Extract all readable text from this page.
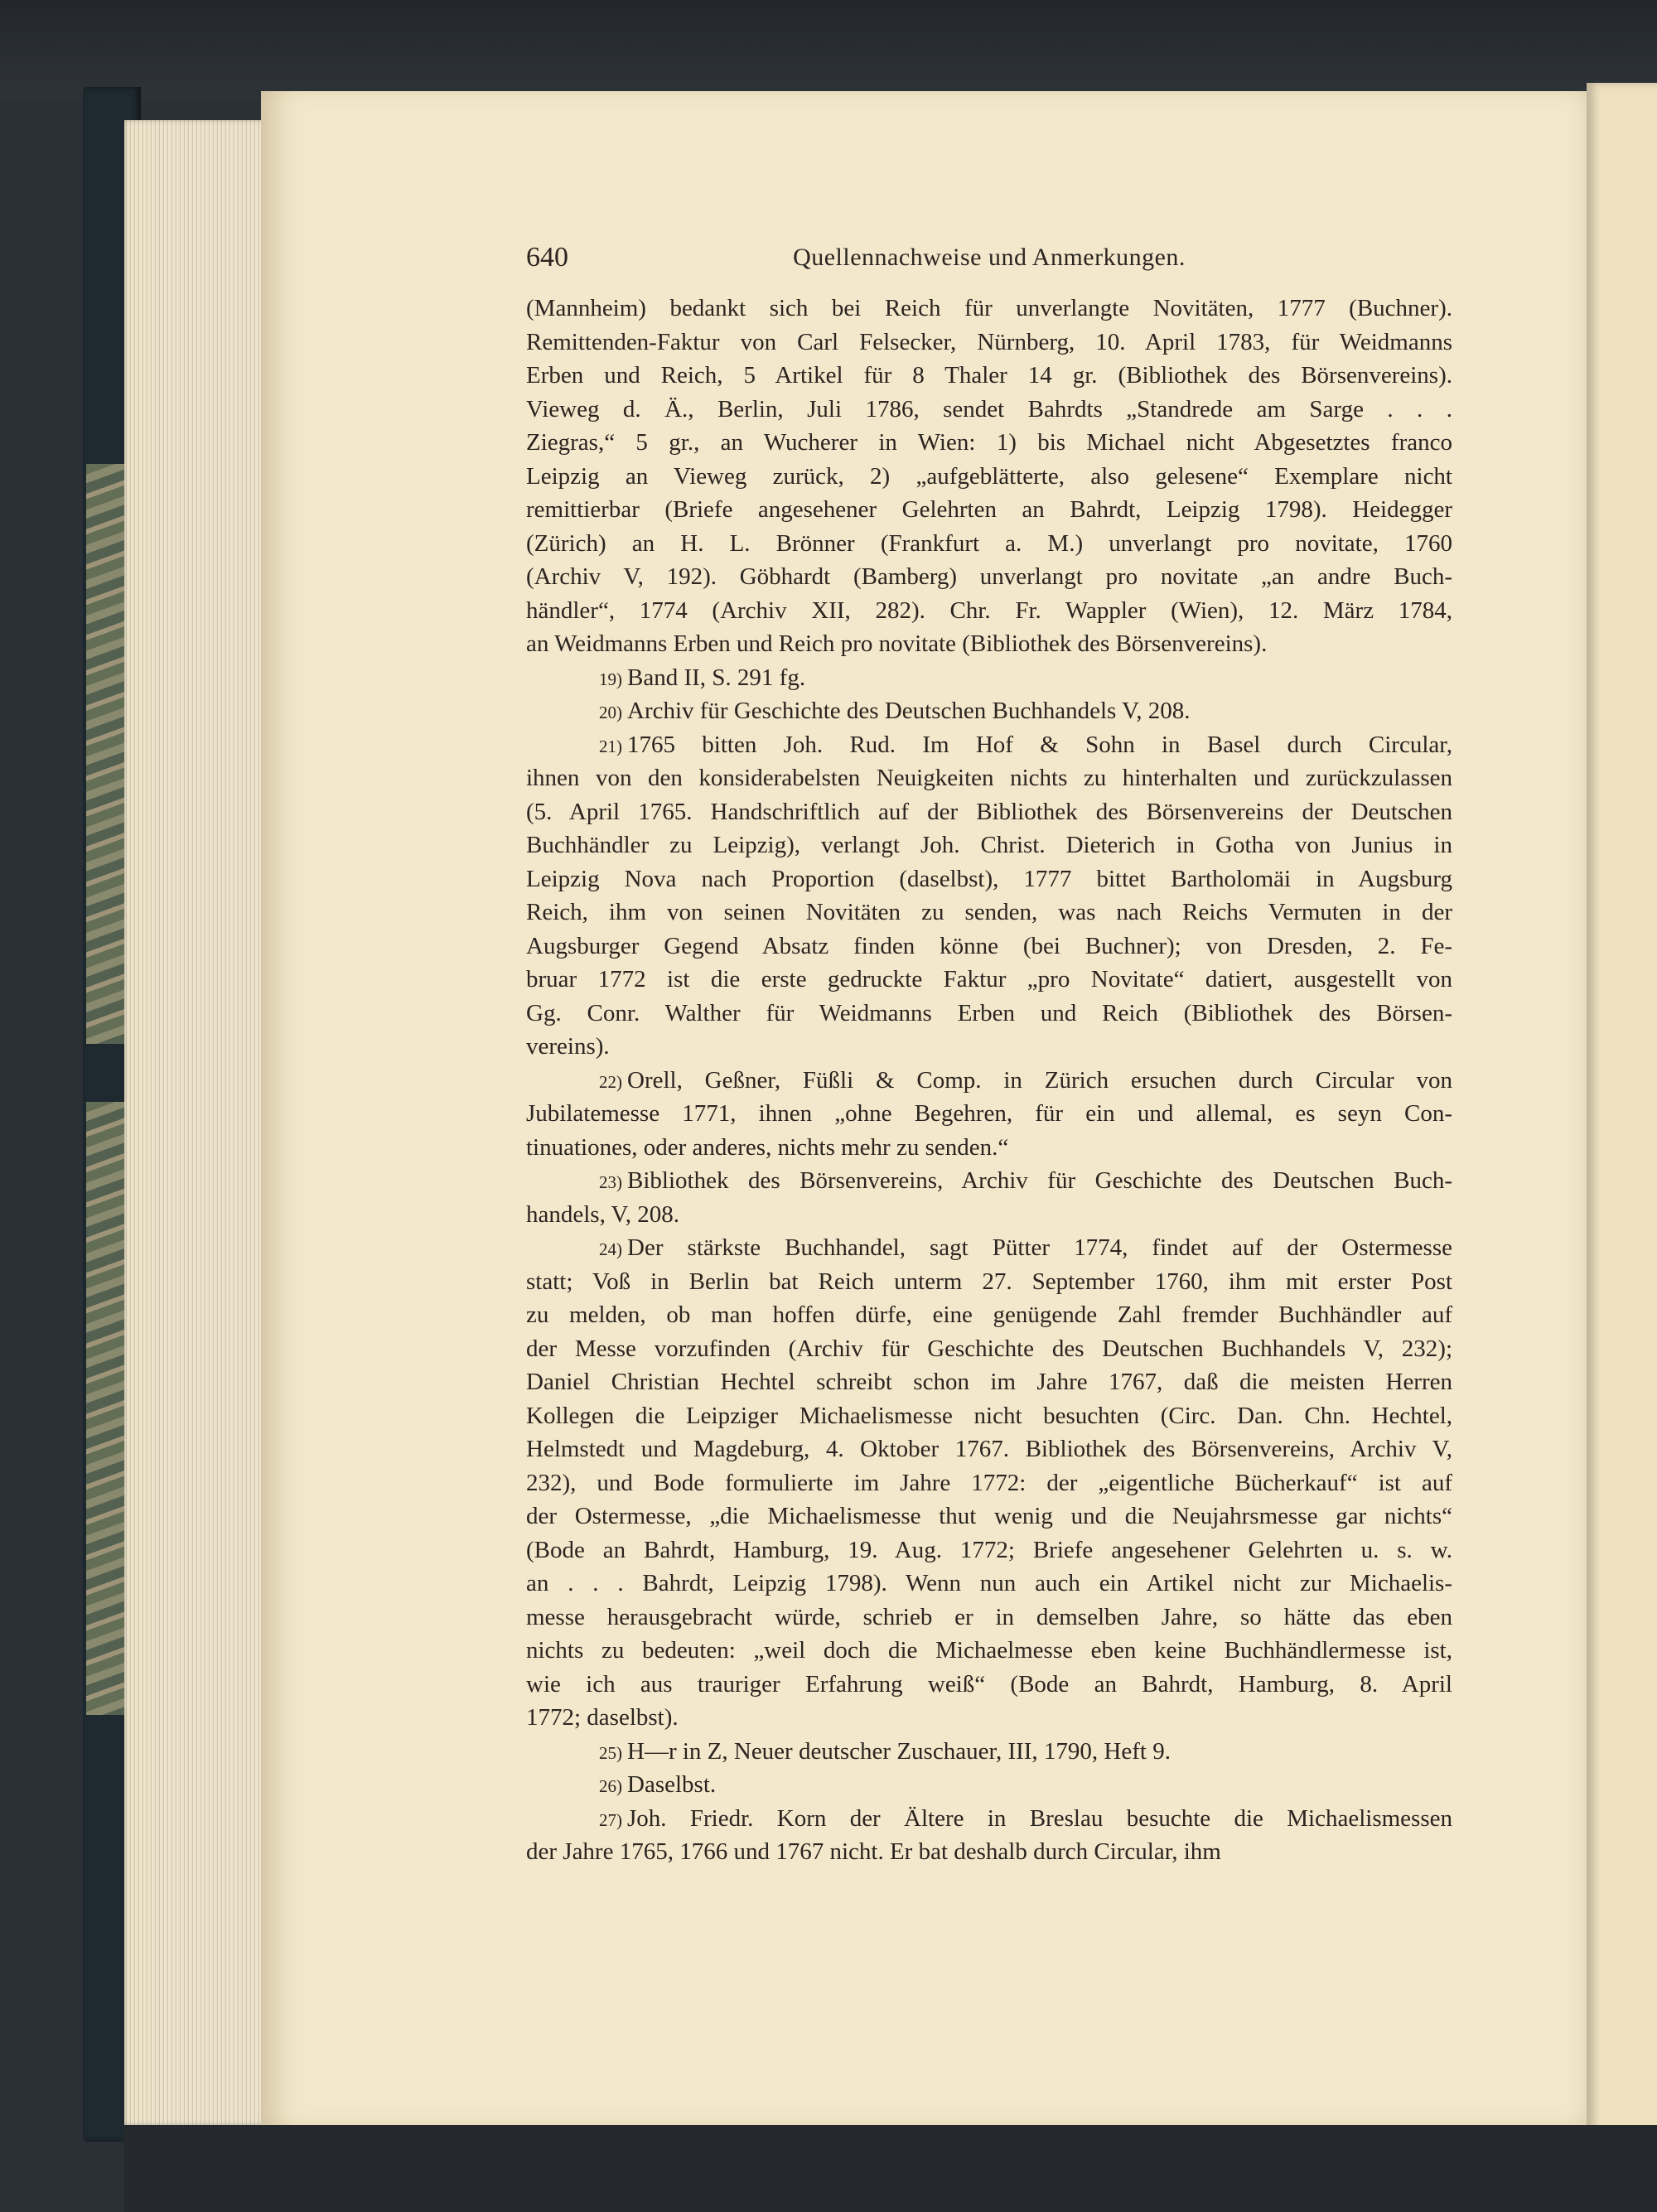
640	Quellennachweise und Anmerkungen.
(Mannheim) bedankt sich bei Reich für unverlangte Novitäten, 1777 (Buchner).
Remittenden-Faktur von Carl Felsecker, Nürnberg, 10. April 1783, für Weidmanns
Erben und Reich, 5 Artikel für 8 Thaler 14 gr. (Bibliothek des Börsenvereins).
Vieweg d. Ä., Berlin, Juli 1786, sendet Bahrdts „Standrede am Sarge . . .
Ziegras,“ 5 gr., an Wucherer in Wien: 1) bis Michael nicht Abgesetztes franco
Leipzig an Vieweg zurück, 2) „aufgeblätterte, also gelesene“ Exemplare nicht
remittierbar (Briefe angesehener Gelehrten an Bahrdt, Leipzig 1798). Heidegger
(Zürich) an H. L. Brönner (Frankfurt a. M.) unverlangt pro novitate, 1760
(Archiv V, 192). Göbhardt (Bamberg) unverlangt pro novitate „an andre Buch-
händler“, 1774 (Archiv XII, 282). Chr. Fr. Wappler (Wien), 12. März 1784,
an Weidmanns Erben und Reich pro novitate (Bibliothek des Börsenvereins).
19) Band II, S. 291 fg.
20) Archiv für Geschichte des Deutschen Buchhandels V, 208.
21) 1765 bitten Joh. Rud. Im Hof & Sohn in Basel durch Circular,
ihnen von den konsiderabelsten Neuigkeiten nichts zu hinterhalten und zurückzulassen
(5. April 1765. Handschriftlich auf der Bibliothek des Börsenvereins der Deutschen
Buchhändler zu Leipzig), verlangt Joh. Christ. Dieterich in Gotha von Junius in
Leipzig Nova nach Proportion (daselbst), 1777 bittet Bartholomäi in Augsburg
Reich, ihm von seinen Novitäten zu senden, was nach Reichs Vermuten in der
Augsburger Gegend Absatz finden könne (bei Buchner); von Dresden, 2. Fe-
bruar 1772 ist die erste gedruckte Faktur „pro Novitate“ datiert, ausgestellt von
Gg. Conr. Walther für Weidmanns Erben und Reich (Bibliothek des Börsen-
vereins).
22) Orell, Geßner, Füßli & Comp. in Zürich ersuchen durch Circular von
Jubilatemesse 1771, ihnen „ohne Begehren, für ein und allemal, es seyn Con-
tinuationes, oder anderes, nichts mehr zu senden.“
23) Bibliothek des Börsenvereins, Archiv für Geschichte des Deutschen Buch-
handels, V, 208.
24) Der stärkste Buchhandel, sagt Pütter 1774, findet auf der Ostermesse
statt; Voß in Berlin bat Reich unterm 27. September 1760, ihm mit erster Post
zu melden, ob man hoffen dürfe, eine genügende Zahl fremder Buchhändler auf
der Messe vorzufinden (Archiv für Geschichte des Deutschen Buchhandels V, 232);
Daniel Christian Hechtel schreibt schon im Jahre 1767, daß die meisten Herren
Kollegen die Leipziger Michaelismesse nicht besuchten (Circ. Dan. Chn. Hechtel,
Helmstedt und Magdeburg, 4. Oktober 1767. Bibliothek des Börsenvereins, Archiv V,
232), und Bode formulierte im Jahre 1772: der „eigentliche Bücherkauf“ ist auf
der Ostermesse, „die Michaelismesse thut wenig und die Neujahrsmesse gar nichts“
(Bode an Bahrdt, Hamburg, 19. Aug. 1772; Briefe angesehener Gelehrten u. s. w.
an . . . Bahrdt, Leipzig 1798). Wenn nun auch ein Artikel nicht zur Michaelis-
messe herausgebracht würde, schrieb er in demselben Jahre, so hätte das eben
nichts zu bedeuten: „weil doch die Michaelmesse eben keine Buchhändlermesse ist,
wie ich aus trauriger Erfahrung weiß“ (Bode an Bahrdt, Hamburg, 8. April
1772; daselbst).
25) H—r in Z, Neuer deutscher Zuschauer, III, 1790, Heft 9.
26) Daselbst.
27) Joh. Friedr. Korn der Ältere in Breslau besuchte die Michaelismessen
der Jahre 1765, 1766 und 1767 nicht. Er bat deshalb durch Circular, ihm
